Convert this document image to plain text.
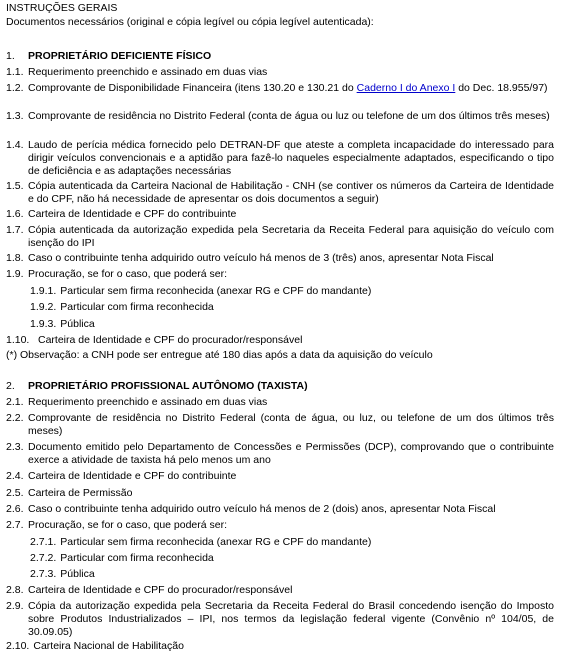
INSTRUÇÕES GERAIS
Documentos necessários (original e cópia legível ou cópia legível autenticada):
1.	PROPRIETÁRIO DEFICIENTE FÍSICO
1.1. Requerimento preenchido e assinado em duas vias
1.2. Comprovante de Disponibilidade Financeira (itens 130.20 e 130.21 do Caderno I do Anexo I do Dec. 18.955/97)
1.3. Comprovante de residência no Distrito Federal (conta de água ou luz ou telefone de um dos últimos três meses)
1.4. Laudo de perícia médica fornecido pelo DETRAN-DF que ateste a completa incapacidade do interessado para dirigir veículos convencionais e a aptidão para fazê-lo naqueles especialmente adaptados, especificando o tipo de deficiência e as adaptações necessárias
1.5. Cópia autenticada da Carteira Nacional de Habilitação - CNH (se contiver os números da Carteira de Identidade e do CPF, não há necessidade de apresentar os dois documentos a seguir)
1.6. Carteira de Identidade e CPF do contribuinte
1.7. Cópia autenticada da autorização expedida pela Secretaria da Receita Federal para aquisição do veículo com isenção do IPI
1.8. Caso o contribuinte tenha adquirido outro veículo há menos de 3 (três) anos, apresentar Nota Fiscal
1.9. Procuração, se for o caso, que poderá ser:
1.9.1. Particular sem firma reconhecida (anexar RG e CPF do mandante)
1.9.2. Particular com firma reconhecida
1.9.3. Pública
1.10. Carteira de Identidade e CPF do procurador/responsável
(*) Observação: a CNH pode ser entregue até 180 dias após a data da aquisição do veículo
2.	PROPRIETÁRIO PROFISSIONAL AUTÔNOMO (TAXISTA)
2.1. Requerimento preenchido e assinado em duas vias
2.2. Comprovante de residência no Distrito Federal (conta de água, ou luz, ou telefone de um dos últimos três meses)
2.3. Documento emitido pelo Departamento de Concessões e Permissões (DCP), comprovando que o contribuinte exerce a atividade de taxista há pelo menos um ano
2.4. Carteira de Identidade e CPF do contribuinte
2.5. Carteira de Permissão
2.6. Caso o contribuinte tenha adquirido outro veículo há menos de 2 (dois) anos, apresentar Nota Fiscal
2.7. Procuração, se for o caso, que poderá ser:
2.7.1. Particular sem firma reconhecida (anexar RG e CPF do mandante)
2.7.2. Particular com firma reconhecida
2.7.3. Pública
2.8. Carteira de Identidade e CPF do procurador/responsável
2.9. Cópia da autorização expedida pela Secretaria da Receita Federal do Brasil concedendo isenção do Imposto sobre Produtos Industrializados – IPI, nos termos da legislação federal vigente (Convênio nº 104/05, de 30.09.05)
2.10. Carteira Nacional de Habilitação
